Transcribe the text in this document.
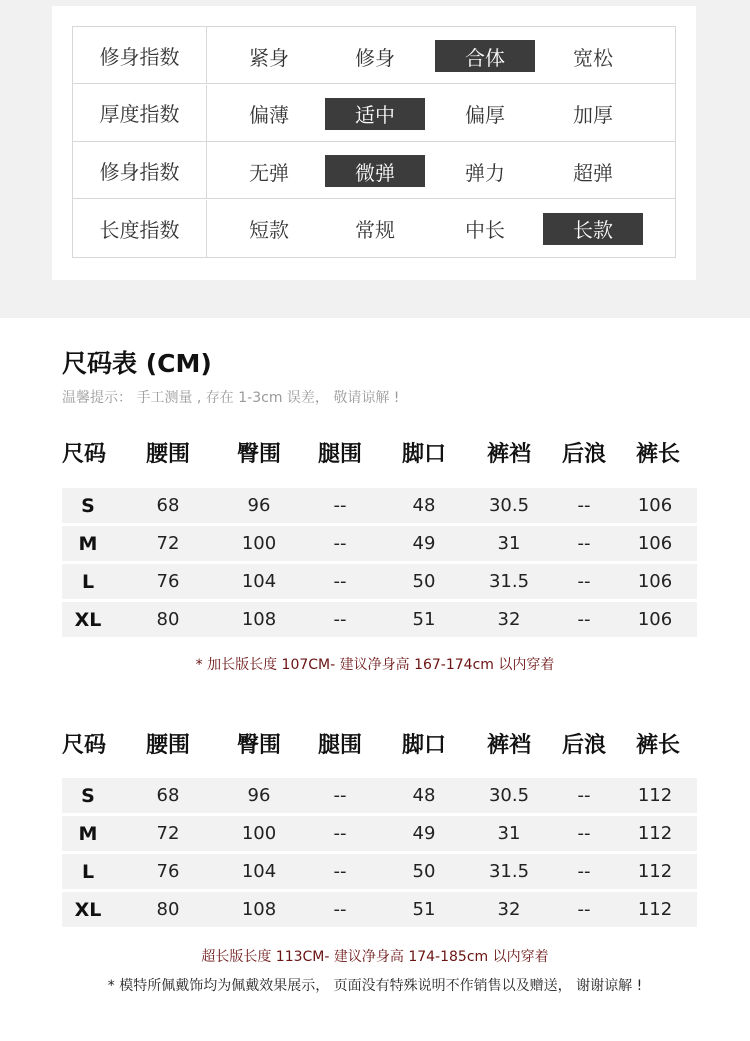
修身指数	紧身	修身	合体	宽松
厚度指数	偏薄	适中	偏厚	加厚
修身指数	无弹	微弹	弹力	超弹
长度指数	短款	常规	中长	长款
尺码表 (CM)
温馨提示： 手工测量 , 存在 1-3cm 误差， 敬请谅解 !
尺码	腰围	臀围	腿围	脚口	裤裆	后浪	裤长
S	68	96	--	48	30.5	--	106
M	72	100	--	49	31	--	106
L	76	104	--	50	31.5	--	106
XL	80	108	--	51	32	--	106
* 加长版长度 107CM- 建议净身高 167-174cm 以内穿着
尺码	腰围	臀围	腿围	脚口	裤裆	后浪	裤长
S	68	96	--	48	30.5	--	112
M	72	100	--	49	31	--	112
L	76	104	--	50	31.5	--	112
XL	80	108	--	51	32	--	112
超长版长度 113CM- 建议净身高 174-185cm 以内穿着
* 模特所佩戴饰均为佩戴效果展示， 页面没有特殊说明不作销售以及赠送， 谢谢谅解 !
